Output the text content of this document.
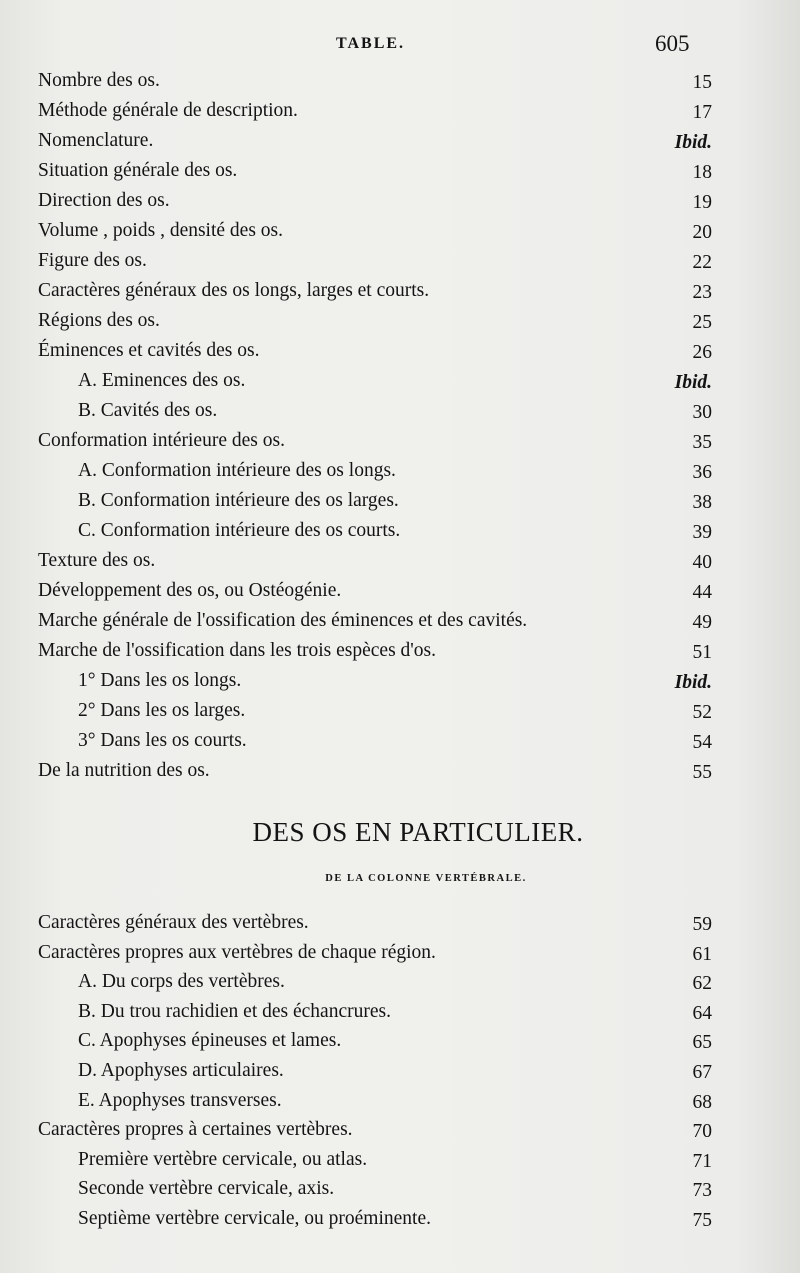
TABLE.	605
Nombre des os.	15
Méthode générale de description.	17
Nomenclature.	Ibid.
Situation générale des os.	18
Direction des os.	19
Volume , poids , densité des os.	20
Figure des os.	22
Caractères généraux des os longs, larges et courts.	23
Régions des os.	25
Éminences et cavités des os.	26
A. Eminences des os.	Ibid.
B. Cavités des os.	30
Conformation intérieure des os.	35
A. Conformation intérieure des os longs.	36
B. Conformation intérieure des os larges.	38
C. Conformation intérieure des os courts.	39
Texture des os.	40
Développement des os, ou Ostéogénie.	44
Marche générale de l'ossification des éminences et des cavités.	49
Marche de l'ossification dans les trois espèces d'os.	51
1° Dans les os longs.	Ibid.
2° Dans les os larges.	52
3° Dans les os courts.	54
De la nutrition des os.	55
DES OS EN PARTICULIER.
DE LA COLONNE VERTÉBRALE.
Caractères généraux des vertèbres.	59
Caractères propres aux vertèbres de chaque région.	61
A. Du corps des vertèbres.	62
B. Du trou rachidien et des échancrures.	64
C. Apophyses épineuses et lames.	65
D. Apophyses articulaires.	67
E. Apophyses transverses.	68
Caractères propres à certaines vertèbres.	70
Première vertèbre cervicale, ou atlas.	71
Seconde vertèbre cervicale, axis.	73
Septième vertèbre cervicale, ou proéminente.	75
